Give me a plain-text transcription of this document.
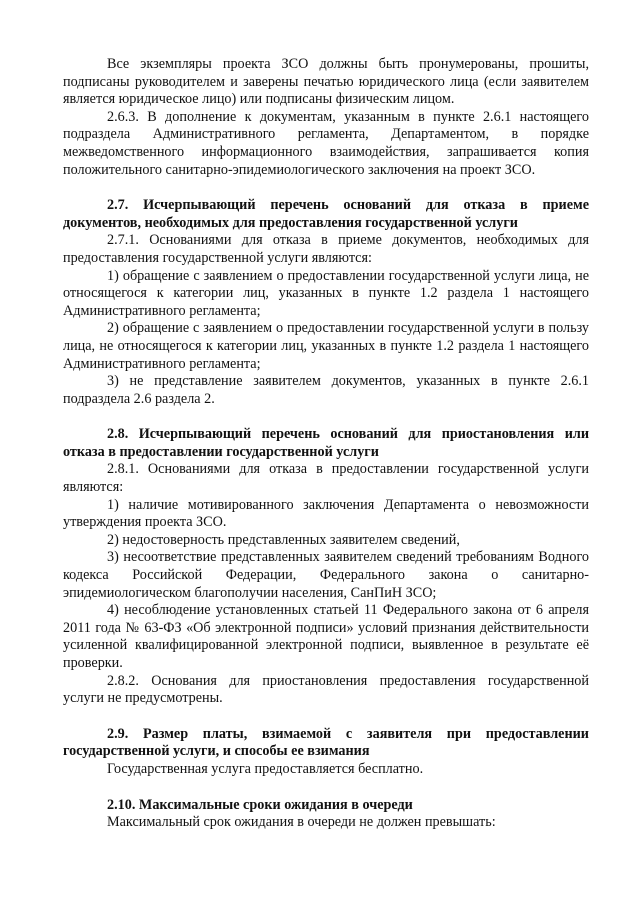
Все экземпляры проекта ЗСО должны быть пронумерованы, прошиты, подписаны руководителем и заверены печатью юридического лица (если заявителем является юридическое лицо) или подписаны физическим лицом.

2.6.3. В дополнение к документам, указанным в пункте 2.6.1 настоящего подраздела Административного регламента, Департаментом, в порядке межведомственного информационного взаимодействия, запрашивается копия положительного санитарно-эпидемиологического заключения на проект ЗСО.

2.7. Исчерпывающий перечень оснований для отказа в приеме документов, необходимых для предоставления государственной услуги

2.7.1. Основаниями для отказа в приеме документов, необходимых для предоставления государственной услуги являются:

1) обращение с заявлением о предоставлении государственной услуги лица, не относящегося к категории лиц, указанных в пункте 1.2 раздела 1 настоящего Административного регламента;

2) обращение с заявлением о предоставлении государственной услуги в пользу лица, не относящегося к категории лиц, указанных в пункте 1.2 раздела 1 настоящего Административного регламента;

3) не представление заявителем документов, указанных в пункте 2.6.1 подраздела 2.6 раздела 2.

2.8. Исчерпывающий перечень оснований для приостановления или отказа в предоставлении государственной услуги

2.8.1. Основаниями для отказа в предоставлении государственной услуги являются:

1) наличие мотивированного заключения Департамента о невозможности утверждения проекта ЗСО.

2) недостоверность представленных заявителем сведений,

3) несоответствие представленных заявителем сведений требованиям Водного кодекса Российской Федерации, Федерального закона о санитарно-эпидемиологическом благополучии населения, СанПиН ЗСО;

4) несоблюдение установленных статьей 11 Федерального закона от 6 апреля 2011 года № 63-ФЗ «Об электронной подписи» условий признания действительности усиленной квалифицированной электронной подписи, выявленное в результате её проверки.

2.8.2. Основания для приостановления предоставления государственной услуги не предусмотрены.

2.9. Размер платы, взимаемой с заявителя при предоставлении государственной услуги, и способы ее взимания

Государственная услуга предоставляется бесплатно.

2.10. Максимальные сроки ожидания в очереди

Максимальный срок ожидания в очереди не должен превышать:
